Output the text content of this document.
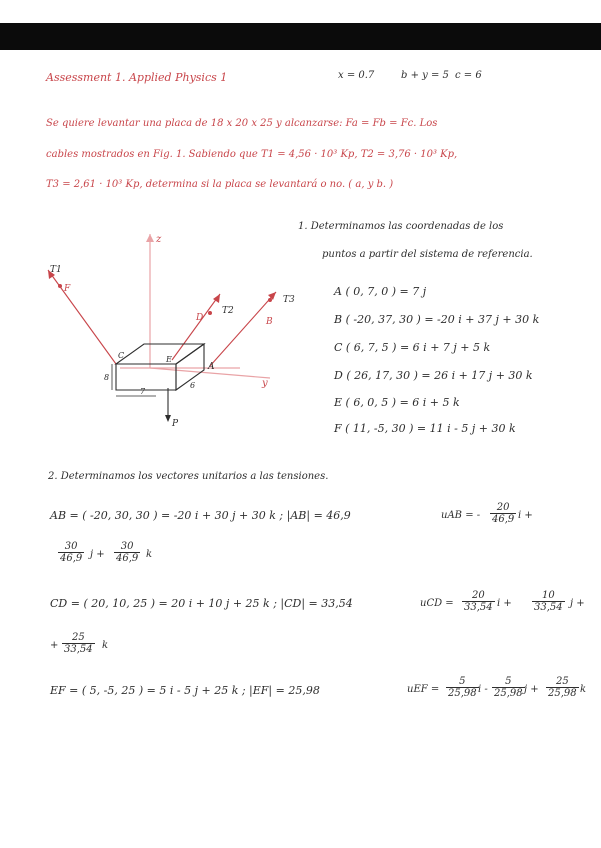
Assessment 1. Applied Physics 1	x = 0.7	b + y = 5 c = 6
Se quiere levantar una placa de 18 x 20 x 25 y alcanzarse: Fa = Fb = Fc. Los
cables mostrados en Fig. 1. Sabiendo que T1 = 4,56 · 10³ Kp, T2 = 3,76 · 10³ Kp,
T3 = 2,61 · 10³ Kp, determina si la placa se levantará o no. ( a, y b. )
z
y
T1
F
T2
D
T3
B
A
C	E
P
8
7
6
1. Determinamos las coordenadas de los
puntos a partir del sistema de referencia.
A ( 0, 7, 0 ) = 7 j
B ( -20, 37, 30 ) = -20 i + 37 j + 30 k
C ( 6, 7, 5 ) = 6 i + 7 j + 5 k
D ( 26, 17, 30 ) = 26 i + 17 j + 30 k
E ( 6, 0, 5 ) = 6 i + 5 k
F ( 11, -5, 30 ) = 11 i - 5 j + 30 k
2. Determinamos los vectores unitarios a las tensiones.
AB = ( -20, 30, 30 ) = -20 i + 30 j + 30 k ; |AB| = 46,9	uAB = - $\frac{20}{46,9}$ i +
$\frac{30}{46,9}$ $j + \frac{30}{46,9}$ k
CD = ( 20, 10, 25 ) = 20 i + 10 j + 25 k ; |CD| = 33,54	uCD = $\frac{20}{33,54}$ $i + \frac{10}{33,54}$ j +
+ $\frac{25}{33,54}$ k
EF = ( 5, -5, 25 ) = 5 i - 5 j + 25 k ; |EF| = 25,98	uEF = $\frac{5}{25,98}$ i - $\frac{5}{25,98}$ $j + \frac{25}{25,98}$ k
